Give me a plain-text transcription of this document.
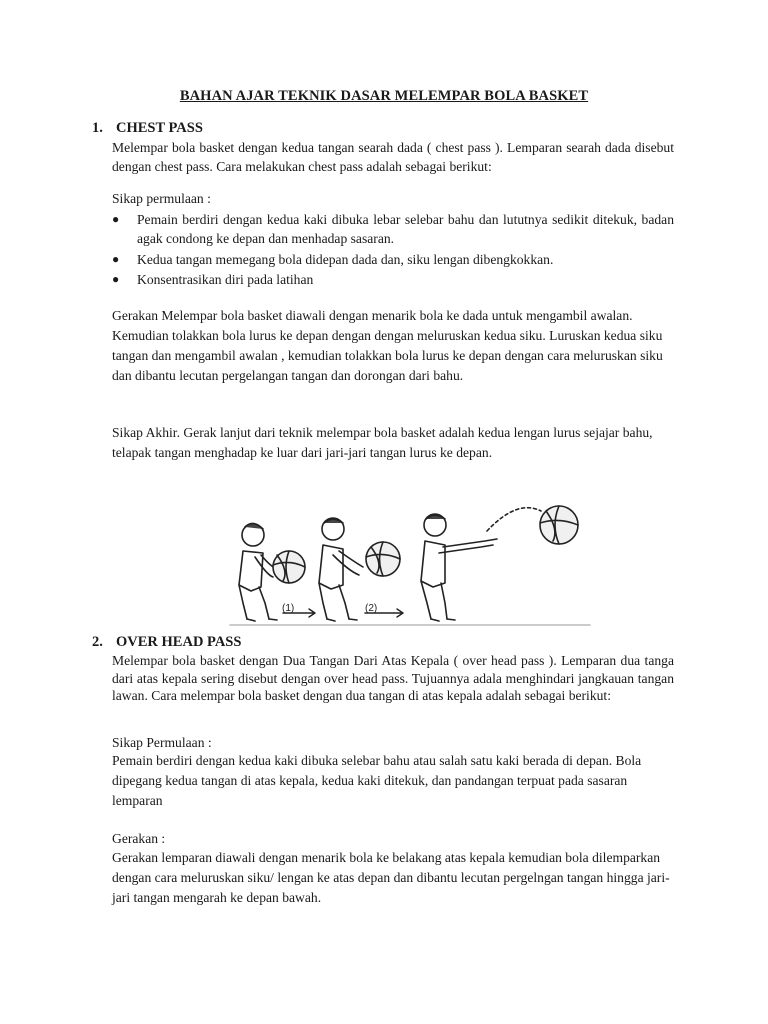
BAHAN AJAR TEKNIK DASAR MELEMPAR BOLA BASKET

1. CHEST PASS

Melempar bola basket dengan kedua tangan searah dada ( chest pass ). Lemparan searah dada disebut dengan chest pass. Cara melakukan chest pass adalah sebagai berikut:

Sikap permulaan :

● Pemain berdiri dengan kedua kaki dibuka lebar selebar bahu dan lututnya sedikit ditekuk, badan agak condong ke depan dan menhadap sasaran.
● Kedua tangan memegang bola didepan dada dan, siku lengan dibengkokkan.
● Konsentrasikan diri pada latihan

Gerakan Melempar bola basket diawali dengan menarik bola ke dada untuk mengambil awalan. Kemudian tolakkan bola lurus ke depan dengan dengan meluruskan kedua siku. Luruskan kedua siku tangan dan mengambil awalan , kemudian tolakkan bola lurus ke depan dengan cara meluruskan siku dan dibantu lecutan pergelangan tangan dan dorongan dari bahu.

Sikap Akhir. Gerak lanjut dari teknik melempar bola basket adalah kedua lengan lurus sejajar bahu, telapak tangan menghadap ke luar dari jari-jari tangan lurus ke depan.

(1)	(2)
2. OVER HEAD PASS

Melempar bola basket dengan Dua Tangan Dari Atas Kepala ( over head pass ). Lemparan dua tanga dari atas kepala sering disebut dengan over head pass. Tujuannya adala menghindari jangkauan tangan lawan. Cara melempar bola basket dengan dua tangan di atas kepala adalah sebagai berikut:

Sikap Permulaan :

Pemain berdiri dengan kedua kaki dibuka selebar bahu atau salah satu kaki berada di depan. Bola dipegang kedua tangan di atas kepala, kedua kaki ditekuk, dan pandangan terpuat pada sasaran lemparan

Gerakan :

Gerakan lemparan diawali dengan menarik bola ke belakang atas kepala kemudian bola dilemparkan dengan cara meluruskan siku/ lengan ke atas depan dan dibantu lecutan pergelngan tangan hingga jari-jari tangan mengarah ke depan bawah.
